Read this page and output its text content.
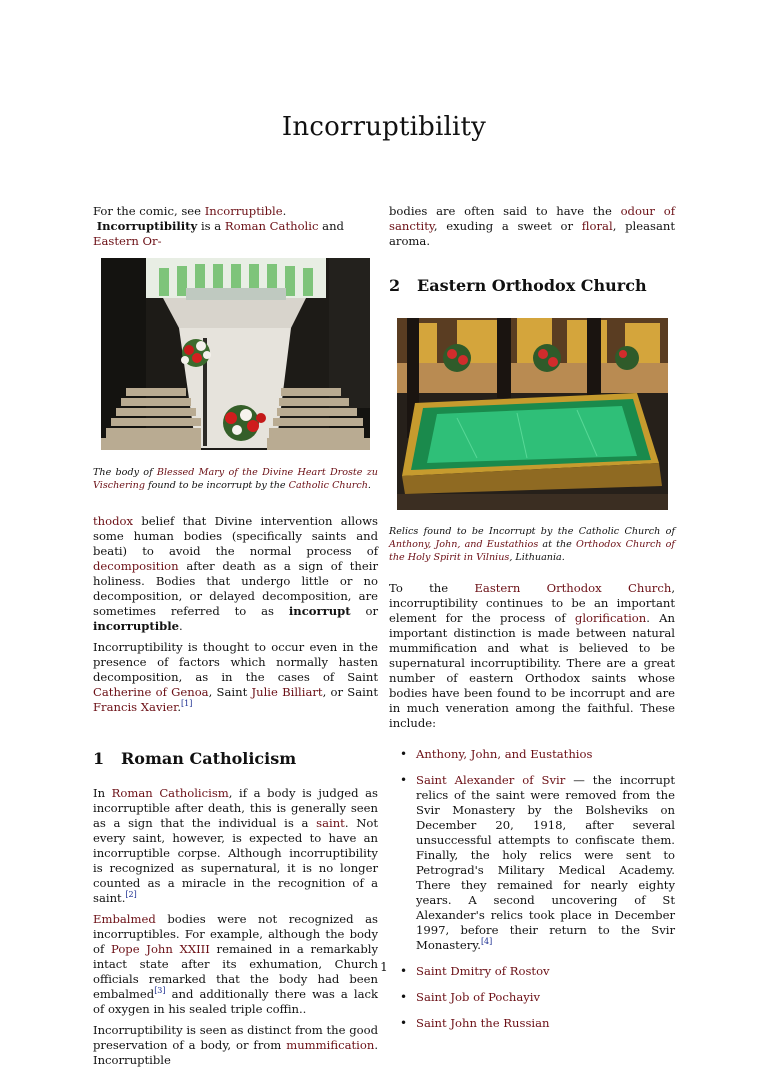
Incorruptibility

For the comic, see Incorruptible.

Incorruptibility is a Roman Catholic and Eastern Or-

The body of Blessed Mary of the Divine Heart Droste zu Vischering found to be incorrupt by the Catholic Church.

thodox belief that Divine intervention allows some human bodies (specifically saints and beati) to avoid the normal process of decomposition after death as a sign of their holiness. Bodies that undergo little or no decomposition, or delayed decomposition, are sometimes referred to as incorrupt or incorruptible.

Incorruptibility is thought to occur even in the presence of factors which normally hasten decomposition, as in the cases of Saint Catherine of Genoa, Saint Julie Billiart, or Saint Francis Xavier.[1]

1 Roman Catholicism

In Roman Catholicism, if a body is judged as incorruptible after death, this is generally seen as a sign that the individual is a saint. Not every saint, however, is expected to have an incorruptible corpse. Although incorruptibility is recognized as supernatural, it is no longer counted as a miracle in the recognition of a saint.[2]

Embalmed bodies were not recognized as incorruptibles. For example, although the body of Pope John XXIII remained in a remarkably intact state after its exhumation, Church officials remarked that the body had been embalmed[3] and additionally there was a lack of oxygen in his sealed triple coffin..

Incorruptibility is seen as distinct from the good preservation of a body, or from mummification. Incorruptible

bodies are often said to have the odour of sanctity, exuding a sweet or floral, pleasant aroma.

2 Eastern Orthodox Church

Relics found to be Incorrupt by the Catholic Church of Anthony, John, and Eustathios at the Orthodox Church of the Holy Spirit in Vilnius, Lithuania.

To the Eastern Orthodox Church, incorruptibility continues to be an important element for the process of glorification. An important distinction is made between natural mummification and what is believed to be supernatural incorruptibility. There are a great number of eastern Orthodox saints whose bodies have been found to be incorrupt and are in much veneration among the faithful. These include:

• Anthony, John, and Eustathios
• Saint Alexander of Svir — the incorrupt relics of the saint were removed from the Svir Monastery by the Bolsheviks on December 20, 1918, after several unsuccessful attempts to confiscate them. Finally, the holy relics were sent to Petrograd's Military Medical Academy. There they remained for nearly eighty years. A second uncovering of St Alexander's relics took place in December 1997, before their return to the Svir Monastery.[4]
• Saint Dmitry of Rostov
• Saint Job of Pochayiv
• Saint John the Russian
1
